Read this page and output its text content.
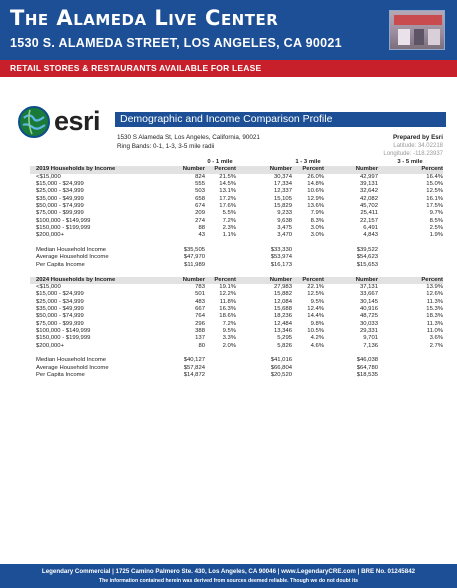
The Alameda Live Center
1530 S. ALAMEDA STREET, LOS ANGELES, CA 90021
RETAIL STORES & RESTAURANTS AVAILABLE FOR LEASE
esri Demographic and Income Comparison Profile
1530 S Alameda St, Los Angeles, California, 90021
Ring Bands: 0-1, 1-3, 3-5 mile radii
Prepared by Esri
Latitude: 34.02218
Longitude: -118.23937
0 - 1 mile	1 - 3 mile	3 - 5 mile
2019 Households by Income	Number Percent	Number Percent	Number	Percent
<$15,000	824 21.5%	30,374	26.0%	42,997	16.4%
$15,000 - $24,999	555 14.5%	17,334	14.8%	39,131	15.0%
$25,000 - $34,999	503 13.1%	12,337	10.6%	32,642	12.5%
$35,000 - $49,999	658 17.2%	15,105	12.9%	42,082	16.1%
$50,000 - $74,999	674 17.6%	15,829	13.6%	45,702	17.5%
$75,000 - $99,999	209	5.5%	9,233	7.9%	25,411	9.7%
$100,000 - $149,999	274	7.2%	9,638	8.3%	22,157	8.5%
$150,000 - $199,999	88	2.3%	3,475	3.0%	6,491	2.5%
$200,000+	43	1.1%	3,470	3.0%	4,843	1.9%
Median Household Income	$35,505	$33,330	$39,522
Average Household Income	$47,970	$53,974	$54,623
Per Capita Income	$11,989	$16,173	$15,653
2024 Households by Income	Number Percent	Number Percent	Number	Percent
<$15,000	783 19.1%	27,983	22.1%	37,131	13.9%
$15,000 - $24,999	501 12.2%	15,882	12.5%	33,667	12.6%
$25,000 - $34,999	483 11.8%	12,084	9.5%	30,145	11.3%
$35,000 - $49,999	667 16.3%	15,688	12.4%	40,916	15.3%
$50,000 - $74,999	764 18.6%	18,236	14.4%	48,725	18.3%
$75,000 - $99,999	296	7.2%	12,484	9.8%	30,033	11.3%
$100,000 - $149,999	388	9.5%	13,346	10.5%	29,331	11.0%
$150,000 - $199,999	137	3.3%	5,295	4.2%	9,701	3.6%
$200,000+	80	2.0%	5,826	4.6%	7,136	2.7%
Median Household Income	$40,127	$41,016	$46,038
Average Household Income	$57,824	$66,804	$64,780
Per Capita Income	$14,872	$20,520	$18,535
Legendary Commercial | 1725 Camino Palmero Ste. 430, Los Angeles, CA 90046 | www.LegendaryCRE.com | BRE No. 01245842
The information contained herein was derived from sources deemed reliable. Though we do not doubt its
